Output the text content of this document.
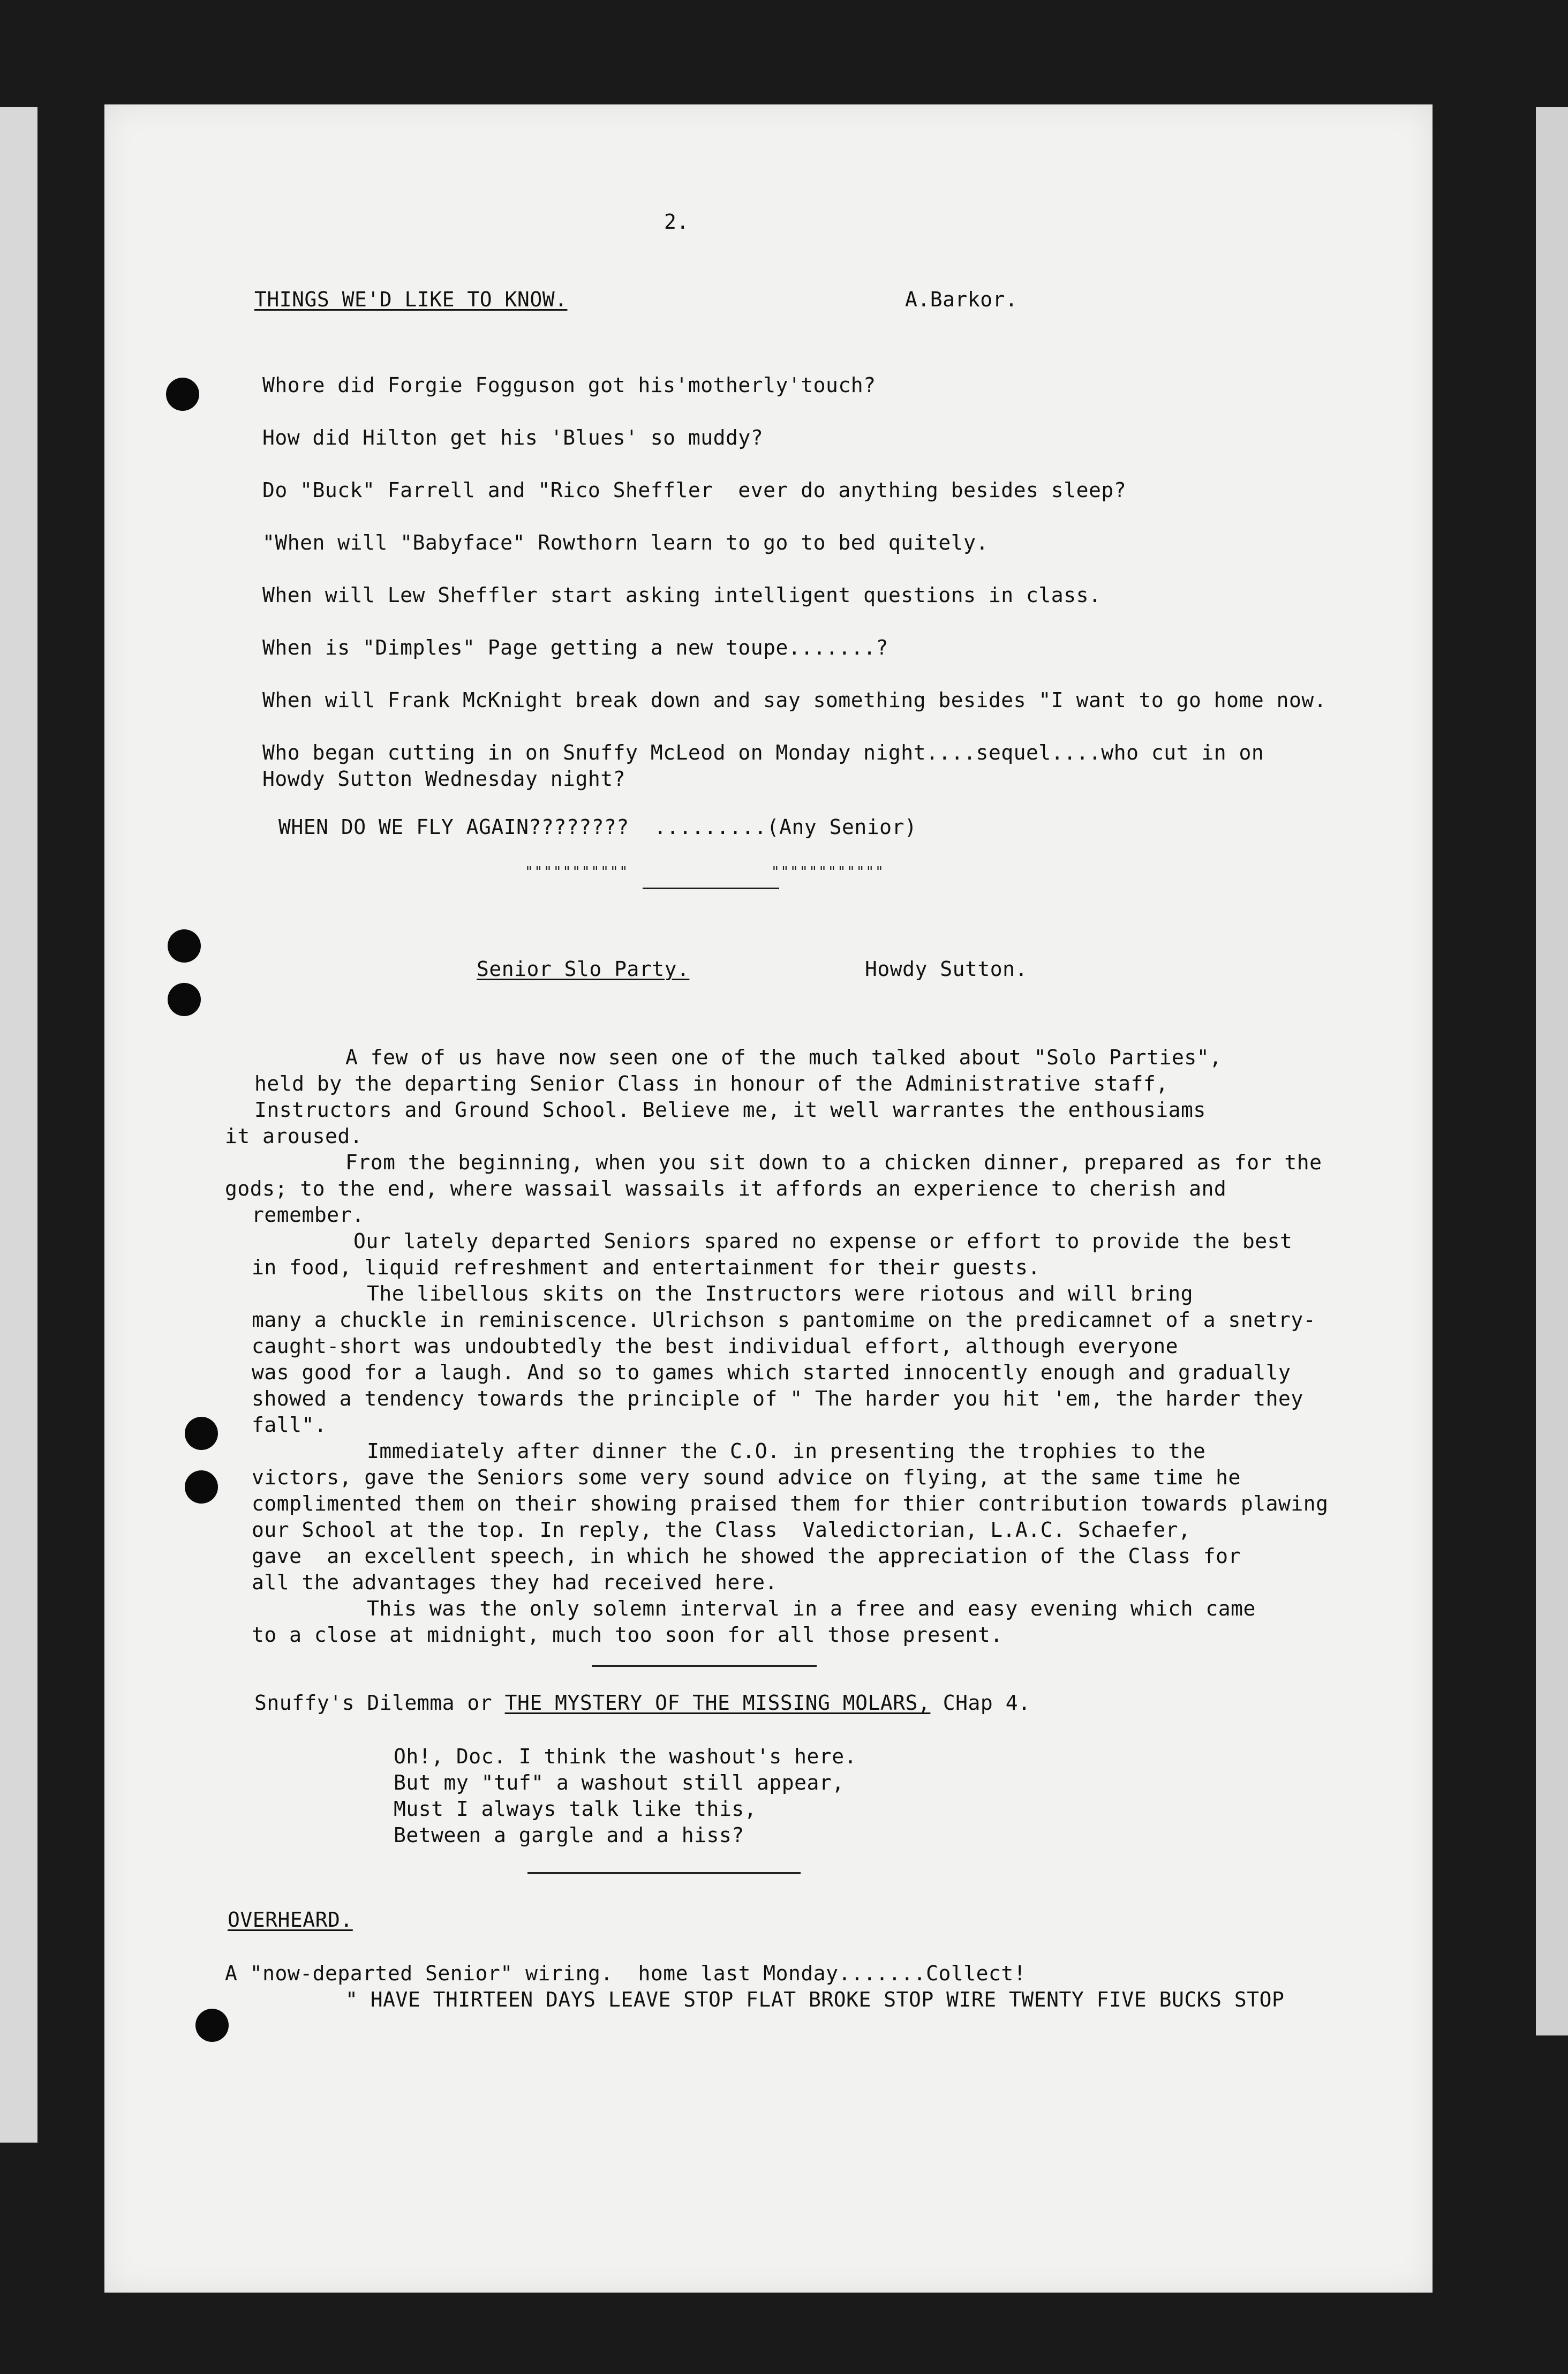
2.
THINGS WE'D LIKE TO KNOW.	A.Barkor.
Whore did Forgie Fogguson got his'motherly'touch?
How did Hilton get his 'Blues' so muddy?
Do "Buck" Farrell and "Rico Sheffler  ever do anything besides sleep?
"When will "Babyface" Rowthorn learn to go to bed quitely.
When will Lew Sheffler start asking intelligent questions in class.
When is "Dimples" Page getting a new toupe.......?
When will Frank McKnight break down and say something besides "I want to go home now.
Who began cutting in on Snuffy McLeod on Monday night....sequel....who cut in on
Howdy Sutton Wednesday night?
WHEN DO WE FLY AGAIN????????  .........(Any Senior)
"""""""""""	""""""""""""
Senior Slo Party.	Howdy Sutton.
A few of us have now seen one of the much talked about "Solo Parties",
held by the departing Senior Class in honour of the Administrative staff,
Instructors and Ground School. Believe me, it well warrantes the enthousiams
it aroused.
From the beginning, when you sit down to a chicken dinner, prepared as for the
gods; to the end, where wassail wassails it affords an experience to cherish and
remember.
Our lately departed Seniors spared no expense or effort to provide the best
in food, liquid refreshment and entertainment for their guests.
The libellous skits on the Instructors were riotous and will bring
many a chuckle in reminiscence. Ulrichson s pantomime on the predicamnet of a snetry-
caught-short was undoubtedly the best individual effort, although everyone
was good for a laugh. And so to games which started innocently enough and gradually
showed a tendency towards the principle of " The harder you hit 'em, the harder they
fall".
Immediately after dinner the C.O. in presenting the trophies to the
victors, gave the Seniors some very sound advice on flying, at the same time he
complimented them on their showing praised them for thier contribution towards plawing
our School at the top. In reply, the Class  Valedictorian, L.A.C. Schaefer,
gave  an excellent speech, in which he showed the appreciation of the Class for
all the advantages they had received here.
This was the only solemn interval in a free and easy evening which came
to a close at midnight, much too soon for all those present.
Snuffy's Dilemma or THE MYSTERY OF THE MISSING MOLARS, CHap 4.
Oh!, Doc. I think the washout's here.
But my "tuf" a washout still appear,
Must I always talk like this,
Between a gargle and a hiss?
OVERHEARD.
A "now-departed Senior" wiring.  home last Monday.......Collect!
" HAVE THIRTEEN DAYS LEAVE STOP FLAT BROKE STOP WIRE TWENTY FIVE BUCKS STOP
